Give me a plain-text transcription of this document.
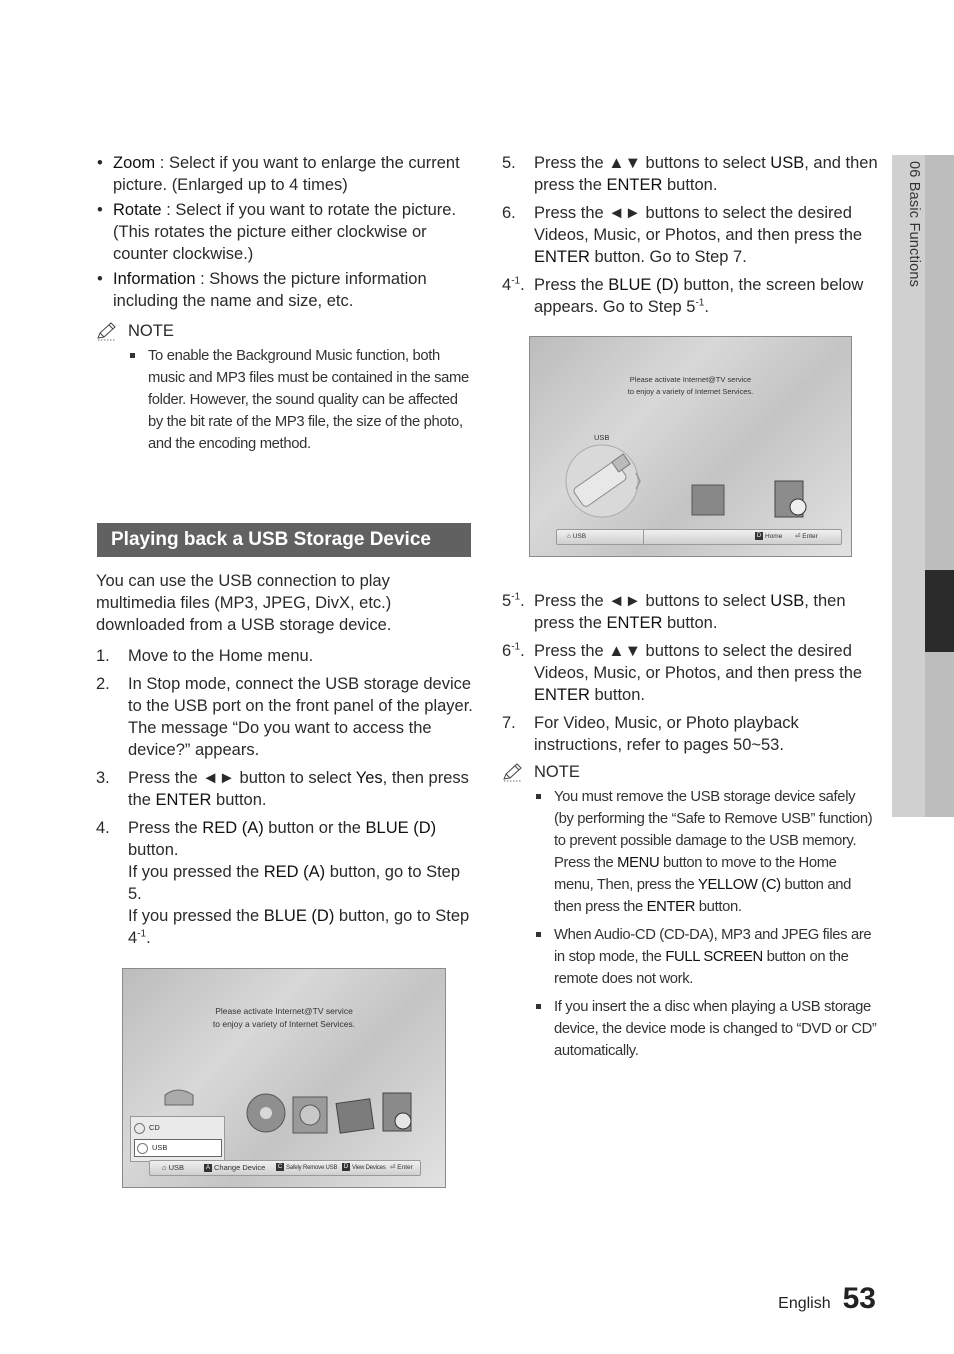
• Zoom : Select if you want to enlarge the current picture. (Enlarged up to 4 times)
• Rotate : Select if you want to rotate the picture. (This rotates the picture either clockwise or counter clockwise.)
• Information : Shows the picture information including the name and size, etc.
NOTE
To enable the Background Music function, both music and MP3 files must be contained in the same folder. However, the sound quality can be affected by the bit rate of the MP3 file, the size of the photo, and the encoding method.
Playing back a USB Storage Device
You can use the USB connection to play multimedia files (MP3, JPEG, DivX, etc.) downloaded from a USB storage device.
1. Move to the Home menu.
2. In Stop mode, connect the USB storage device to the USB port on the front panel of the player.
The message “Do you want to access the device?” appears.
3. Press the ◄► button to select Yes, then press the ENTER button.
4. Press the RED (A) button or the BLUE (D) button.
If you pressed the RED (A) button, go to Step 5.
If you pressed the BLUE (D) button, go to Step $4^{-1}$.
Please activate Internet@TV service
to enjoy a variety of Internet Services.
CD
USB
⌂ USB	A Change Device	C Safely Remove USB	D View Devices ⏎ Enter
5. Press the ▲▼ buttons to select USB, and then press the ENTER button.
6. Press the ◄► buttons to select the desired Videos, Music, or Photos, and then press the ENTER button. Go to Step 7.
$4^{-1}$. Press the BLUE (D) button, the screen below appears. Go to Step $5^{-1}$.
Please activate Internet@TV service
to enjoy a variety of Internet Services.
USB
⌂ USB	D Home ⏎ Enter
$5^{-1}$. Press the ◄► buttons to select USB, then press the ENTER button.
$6^{-1}$. Press the ▲▼ buttons to select the desired Videos, Music, or Photos, and then press the ENTER button.
7. For Video, Music, or Photo playback instructions, refer to pages 50~53.
NOTE
You must remove the USB storage device safely (by performing the “Safe to Remove USB” function) to prevent possible damage to the USB memory. Press the MENU button to move to the Home menu, Then, press the YELLOW (C) button and then press the ENTER button.
When Audio-CD (CD-DA), MP3 and JPEG files are in stop mode, the FULL SCREEN button on the remote does not work.
If you insert the a disc when playing a USB storage device, the device mode is changed to “DVD or CD” automatically.
06 Basic Functions
English 53
